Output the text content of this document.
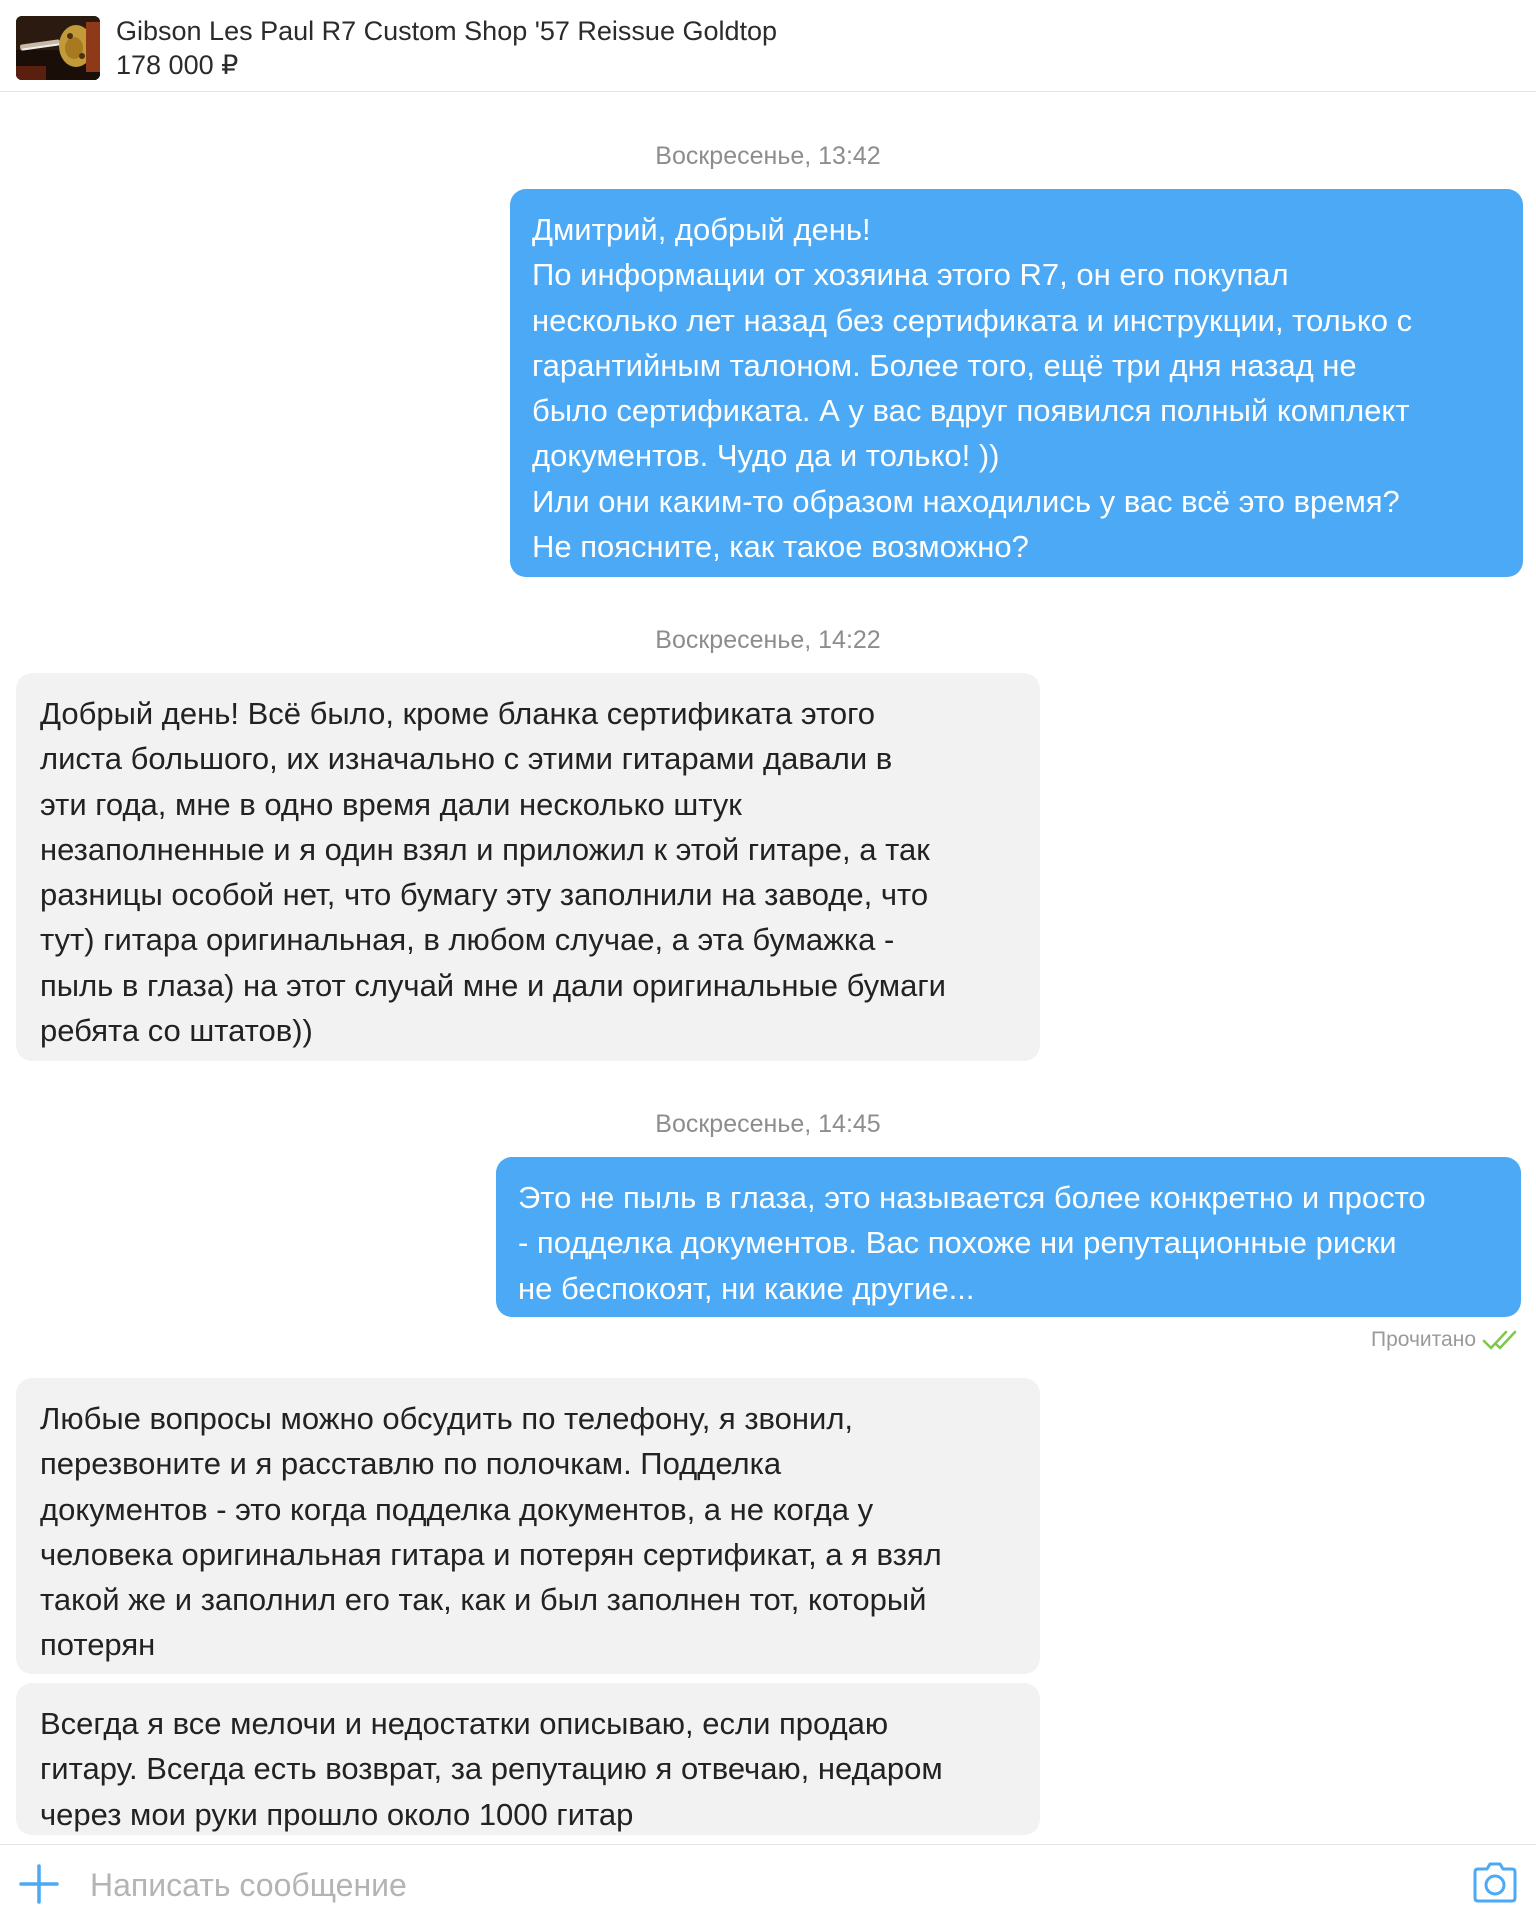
Gibson Les Paul R7 Custom Shop '57 Reissue Goldtop
178 000 ₽
Воскресенье, 13:42
Дмитрий, добрый день!
По информации от хозяина этого R7, он его покупал
несколько лет назад без сертификата и инструкции, только с
гарантийным талоном. Более того, ещё три дня назад не
было сертификата. А у вас вдруг появился полный комплект
документов. Чудо да и только! ))
Или они каким-то образом находились у вас всё это время?
Не поясните, как такое возможно?
Воскресенье, 14:22
Добрый день! Всё было, кроме бланка сертификата этого
листа большого, их изначально с этими гитарами давали в
эти года, мне в одно время дали несколько штук
незаполненные и я один взял и приложил к этой гитаре, а так
разницы особой нет, что бумагу эту заполнили на заводе, что
тут) гитара оригинальная, в любом случае, а эта бумажка -
пыль в глаза) на этот случай мне и дали оригинальные бумаги
ребята со штатов))
Воскресенье, 14:45
Это не пыль в глаза, это называется более конкретно и просто
- подделка документов. Вас похоже ни репутационные риски
не беспокоят, ни какие другие...
Прочитано
Любые вопросы можно обсудить по телефону, я звонил,
перезвоните и я расставлю по полочкам. Подделка
документов - это когда подделка документов, а не когда у
человека оригинальная гитара и потерян сертификат, а я взял
такой же и заполнил его так, как и был заполнен тот, который
потерян
Всегда я все мелочи и недостатки описываю, если продаю
гитару. Всегда есть возврат, за репутацию я отвечаю, недаром
через мои руки прошло около 1000 гитар
Написать сообщение
